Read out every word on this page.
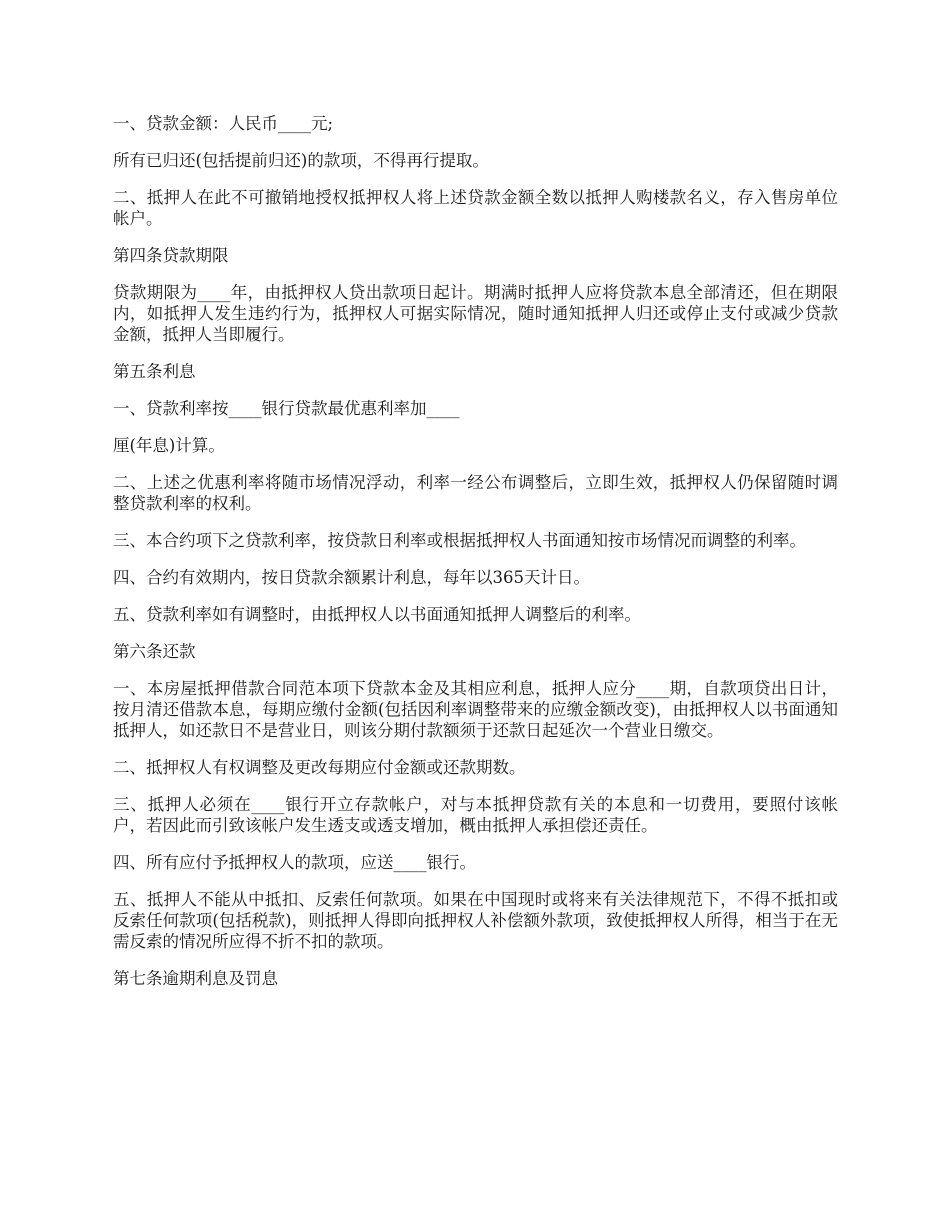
一、贷款金额：人民币____元;

所有已归还(包括提前归还)的款项，不得再行提取。

二、抵押人在此不可撤销地授权抵押权人将上述贷款金额全数以抵押人购楼款名义，存入售房单位帐户。

第四条贷款期限

贷款期限为____年，由抵押权人贷出款项日起计。期满时抵押人应将贷款本息全部清还，但在期限内，如抵押人发生违约行为，抵押权人可据实际情况，随时通知抵押人归还或停止支付或减少贷款金额，抵押人当即履行。

第五条利息

一、贷款利率按____银行贷款最优惠利率加____

厘(年息)计算。

二、上述之优惠利率将随市场情况浮动，利率一经公布调整后，立即生效，抵押权人仍保留随时调整贷款利率的权利。

三、本合约项下之贷款利率，按贷款日利率或根据抵押权人书面通知按市场情况而调整的利率。

四、合约有效期内，按日贷款余额累计利息，每年以365天计日。

五、贷款利率如有调整时，由抵押权人以书面通知抵押人调整后的利率。

第六条还款

一、本房屋抵押借款合同范本项下贷款本金及其相应利息，抵押人应分____期，自款项贷出日计，按月清还借款本息，每期应缴付金额(包括因利率调整带来的应缴金额改变)，由抵押权人以书面通知抵押人，如还款日不是营业日，则该分期付款额须于还款日起延次一个营业日缴交。

二、抵押权人有权调整及更改每期应付金额或还款期数。

三、抵押人必须在____银行开立存款帐户，对与本抵押贷款有关的本息和一切费用，要照付该帐户，若因此而引致该帐户发生透支或透支增加，概由抵押人承担偿还责任。

四、所有应付予抵押权人的款项，应送____银行。

五、抵押人不能从中抵扣、反索任何款项。如果在中国现时或将来有关法律规范下，不得不抵扣或反索任何款项(包括税款)，则抵押人得即向抵押权人补偿额外款项，致使抵押权人所得，相当于在无需反索的情况所应得不折不扣的款项。

第七条逾期利息及罚息
